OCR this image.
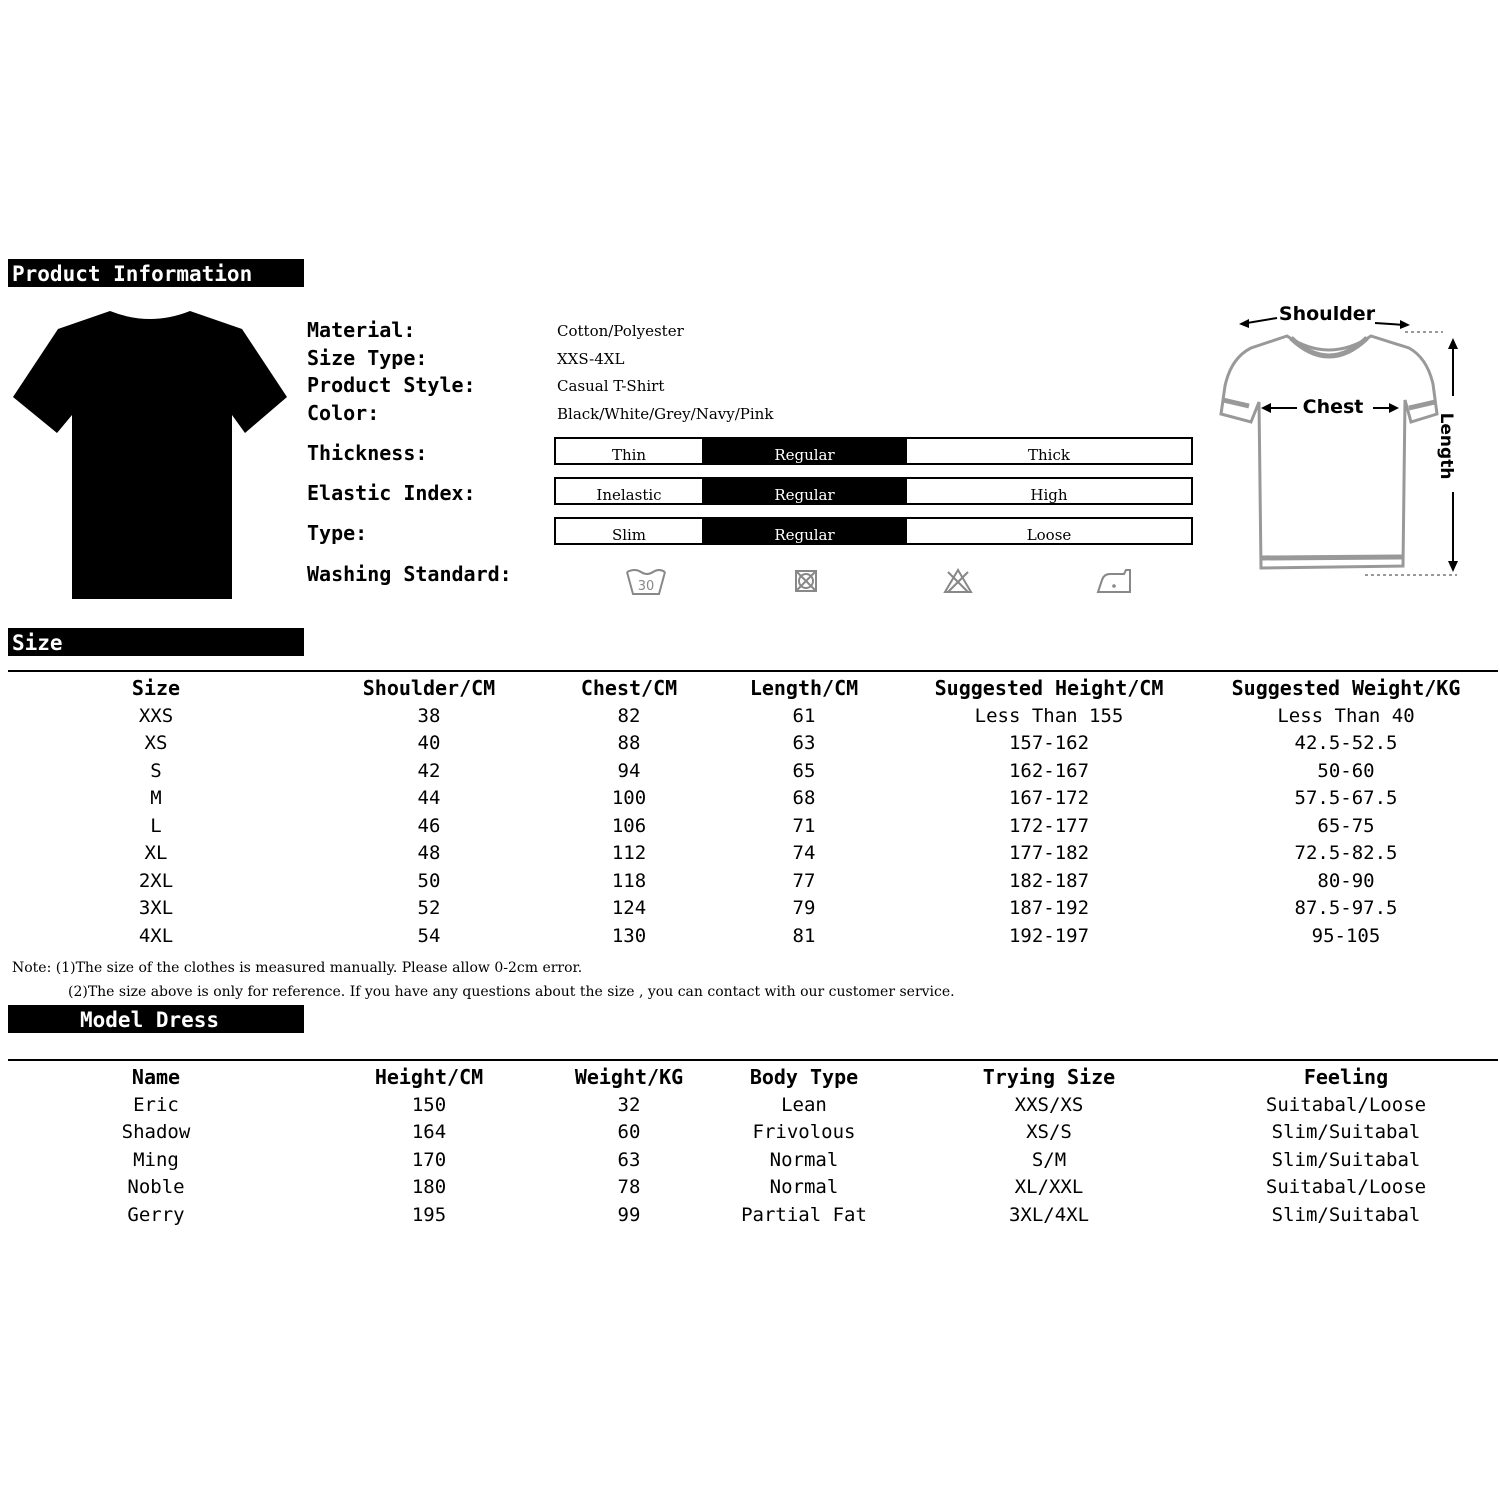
Product Information
Material:	Cotton/Polyester
Size Type:	XXS-4XL
Product Style:	Casual T-Shirt
Color:	Black/White/Grey/Navy/Pink
Thickness:	Thin	Regular	Thick
Elastic Index:	Inelastic	Regular	High
Type:	Slim	Regular	Loose
Washing Standard:
30
Shoulder
Chest
Length
Size
Size	Shoulder/CM	Chest/CM	Length/CM	Suggested Height/CM	Suggested Weight/KG
XXS	38	82	61	Less Than 155	Less Than 40
XS	40	88	63	157-162	42.5-52.5
S	42	94	65	162-167	50-60
M	44	100	68	167-172	57.5-67.5
L	46	106	71	172-177	65-75
XL	48	112	74	177-182	72.5-82.5
2XL	50	118	77	182-187	80-90
3XL	52	124	79	187-192	87.5-97.5
4XL	54	130	81	192-197	95-105
Note: (1)The size of the clothes is measured manually. Please allow 0-2cm error.
(2)The size above is only for reference. If you have any questions about the size , you can contact with our customer service.
Model Dress
Name	Height/CM	Weight/KG	Body Type	Trying Size	Feeling
Eric	150	32	Lean	XXS/XS	Suitabal/Loose
Shadow	164	60	Frivolous	XS/S	Slim/Suitabal
Ming	170	63	Normal	S/M	Slim/Suitabal
Noble	180	78	Normal	XL/XXL	Suitabal/Loose
Gerry	195	99	Partial Fat	3XL/4XL	Slim/Suitabal
